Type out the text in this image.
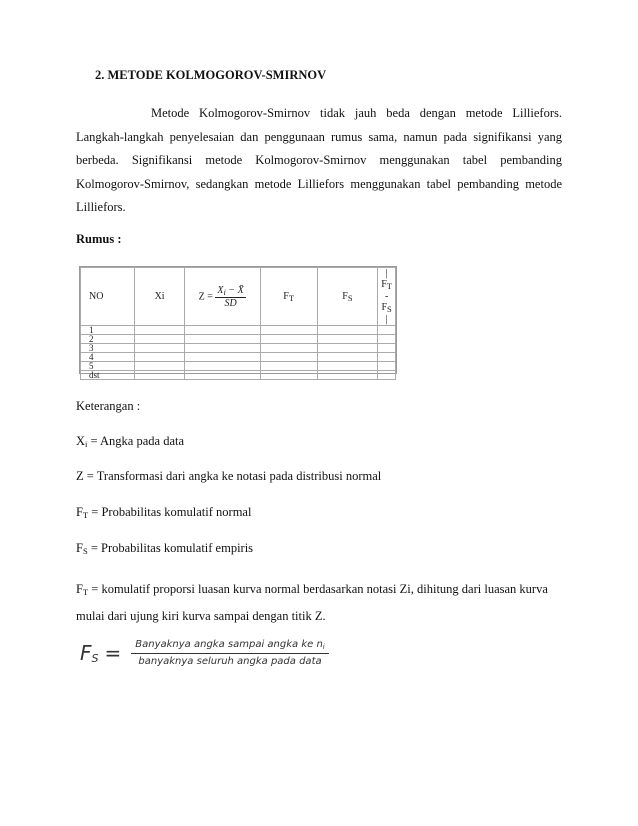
2. METODE KOLMOGOROV-SMIRNOV
Metode Kolmogorov-Smirnov tidak jauh beda dengan metode Lilliefors.
Langkah-langkah penyelesaian dan penggunaan rumus sama, namun pada signifikansi yang berbeda. Signifikansi metode Kolmogorov-Smirnov menggunakan tabel pembanding Kolmogorov-Smirnov, sedangkan metode Lilliefors menggunakan tabel pembanding metode Lilliefors.
Rumus :
NO	Xi	$Z = \frac{X_i - X̄}{SD}$	$F_T$	$F_S$	| $F_T - F_S$ |
1					
2					
3					
4					
5					
dst					
Keterangan :
$X_i$ = Angka pada data
Z = Transformasi dari angka ke notasi pada distribusi normal
$F_T$ = Probabilitas komulatif normal
$F_S$ = Probabilitas komulatif empiris
$F_T$ = komulatif proporsi luasan kurva normal berdasarkan notasi Zi, dihitung dari luasan kurva mulai dari ujung kiri kurva sampai dengan titik Z.
FS = $\frac{Banyaknya angka sampai angka ke n_i}{\text{banyaknya seluruh angka pada data}}$
